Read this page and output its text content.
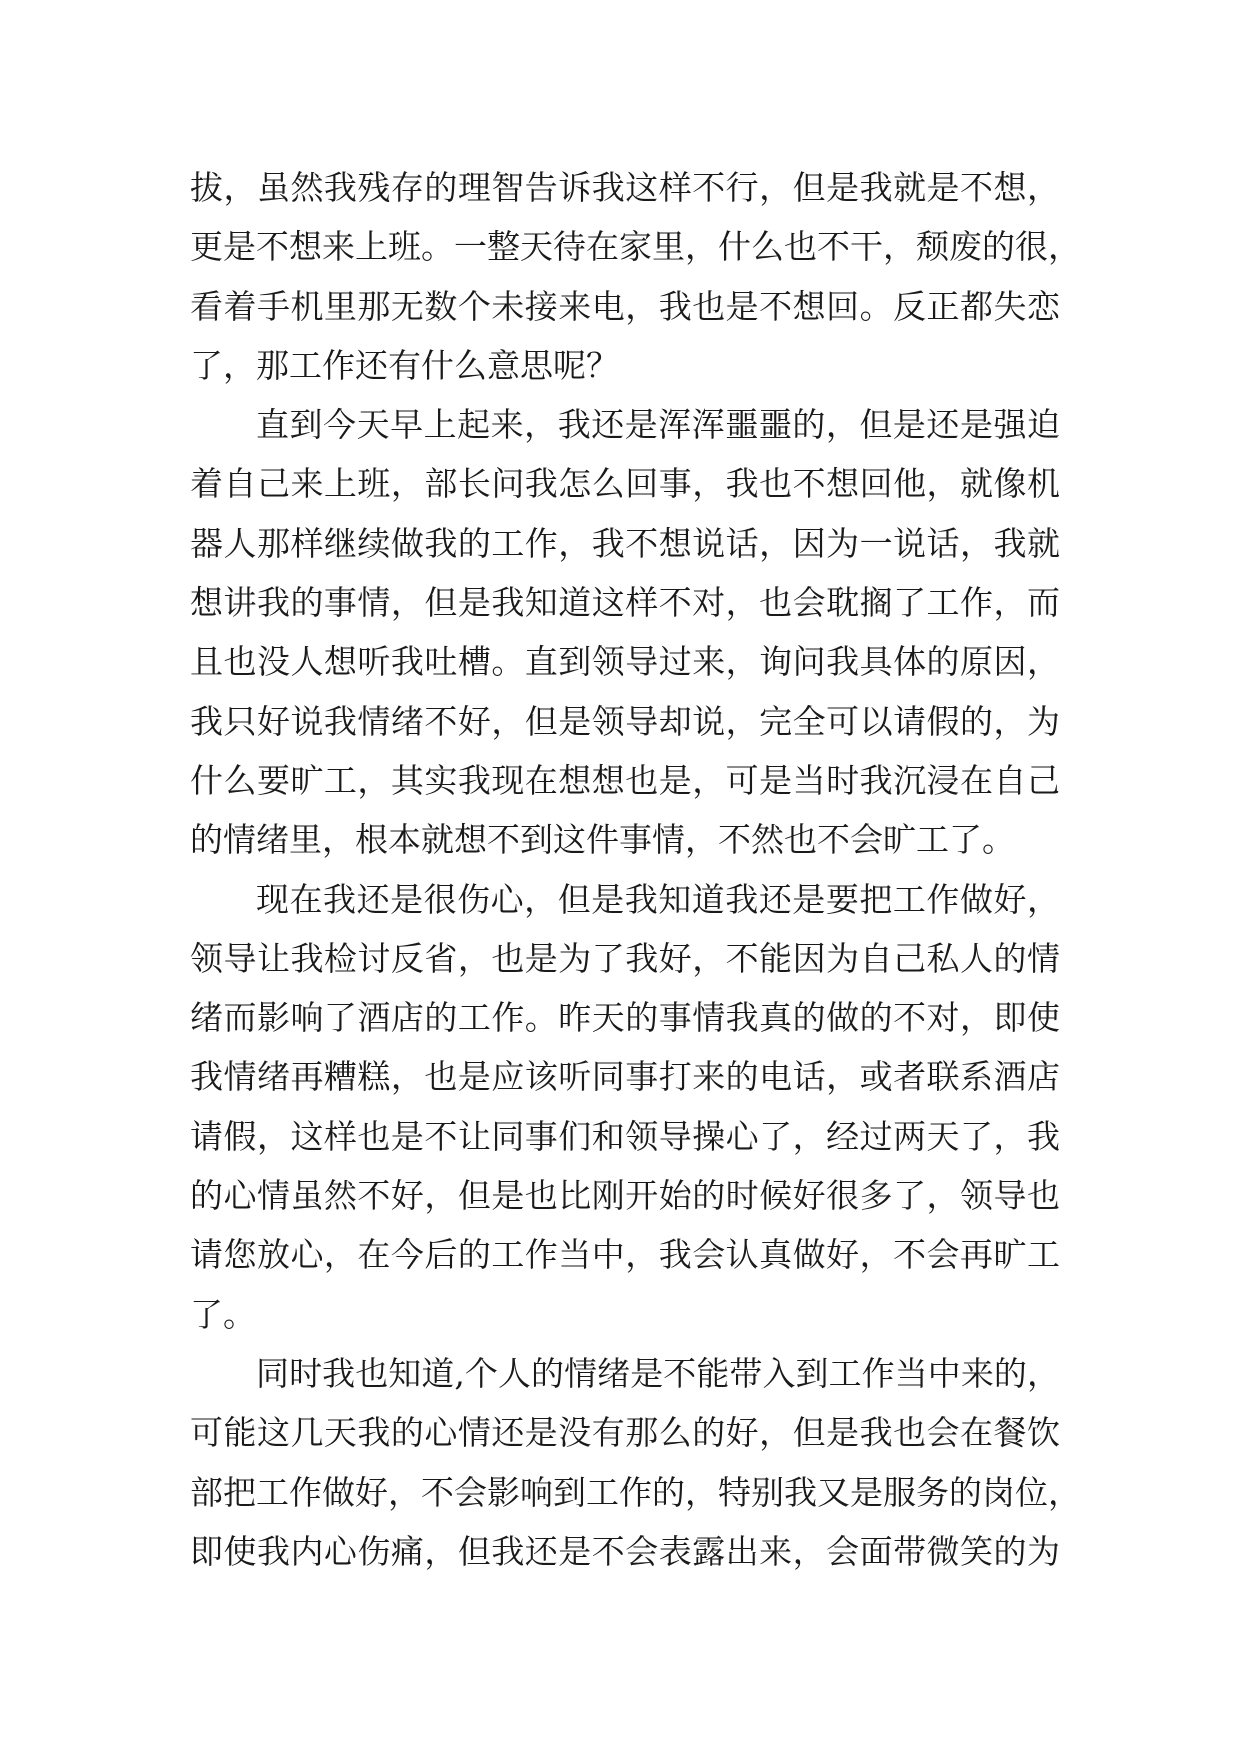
拔，虽然我残存的理智告诉我这样不行，但是我就是不想，
更是不想来上班。一整天待在家里，什么也不干，颓废的很，
看着手机里那无数个未接来电，我也是不想回。反正都失恋
了，那工作还有什么意思呢？
直到今天早上起来，我还是浑浑噩噩的，但是还是强迫
着自己来上班，部长问我怎么回事，我也不想回他，就像机
器人那样继续做我的工作，我不想说话，因为一说话，我就
想讲我的事情，但是我知道这样不对，也会耽搁了工作，而
且也没人想听我吐槽。直到领导过来，询问我具体的原因，
我只好说我情绪不好，但是领导却说，完全可以请假的，为
什么要旷工，其实我现在想想也是，可是当时我沉浸在自己
的情绪里，根本就想不到这件事情，不然也不会旷工了。
现在我还是很伤心，但是我知道我还是要把工作做好，
领导让我检讨反省，也是为了我好，不能因为自己私人的情
绪而影响了酒店的工作。昨天的事情我真的做的不对，即使
我情绪再糟糕，也是应该听同事打来的电话，或者联系酒店
请假，这样也是不让同事们和领导操心了，经过两天了，我
的心情虽然不好，但是也比刚开始的时候好很多了，领导也
请您放心，在今后的工作当中，我会认真做好，不会再旷工
了。
同时我也知道,个人的情绪是不能带入到工作当中来的，
可能这几天我的心情还是没有那么的好，但是我也会在餐饮
部把工作做好，不会影响到工作的，特别我又是服务的岗位，
即使我内心伤痛，但我还是不会表露出来，会面带微笑的为
